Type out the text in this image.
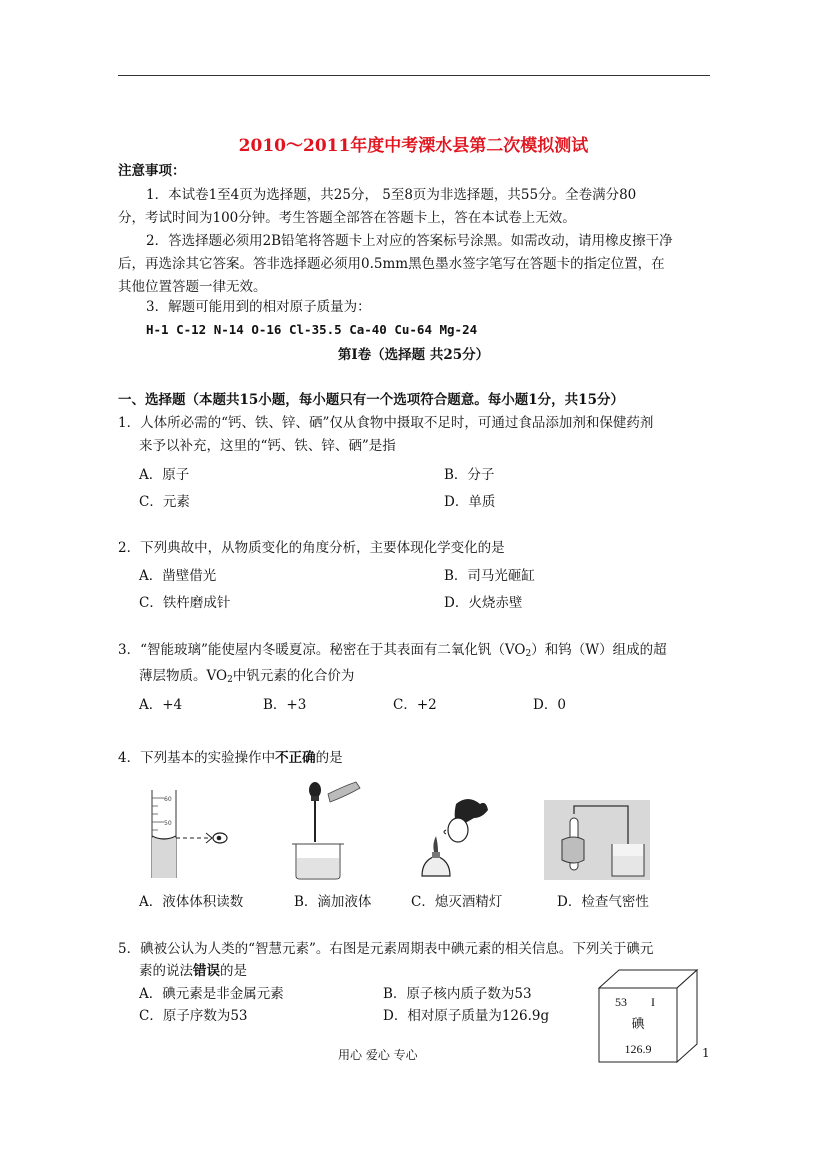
2010～2011年度中考溧水县第二次模拟测试
注意事项：
1．本试卷1至4页为选择题，共25分， 5至8页为非选择题，共55分。全卷满分80
分，考试时间为100分钟。考生答题全部答在答题卡上，答在本试卷上无效。
2．答选择题必须用2B铅笔将答题卡上对应的答案标号涂黑。如需改动，请用橡皮擦干净
后，再选涂其它答案。答非选择题必须用0.5mm黑色墨水签字笔写在答题卡的指定位置，在
其他位置答题一律无效。
3．解题可能用到的相对原子质量为：
H-1 C-12 N-14 O-16 Cl-35.5 Ca-40 Cu-64 Mg-24
第Ⅰ卷（选择题 共25分）
一、选择题（本题共15小题，每小题只有一个选项符合题意。每小题1分，共15分）
1．人体所必需的“钙、铁、锌、硒”仅从食物中摄取不足时，可通过食品添加剂和保健药剂
来予以补充，这里的“钙、铁、锌、硒”是指
A．原子	B．分子
C．元素	D．单质
2．下列典故中，从物质变化的角度分析，主要体现化学变化的是
A．凿壁借光	B．司马光砸缸
C．铁杵磨成针	D．火烧赤壁
3．“智能玻璃”能使屋内冬暖夏凉。秘密在于其表面有二氧化钒$(VO_2)$和钨（W）组成的超
薄层物质。$VO_2$中钒元素的化合价为
A．+4	B．+3	C．+2	D．0
4．下列基本的实验操作中不正确的是
60
50
A．液体体积读数	B．滴加液体	C．熄灭酒精灯	D．检查气密性
5．碘被公认为人类的“智慧元素”。右图是元素周期表中碘元素的相关信息。下列关于碘元
素的说法错误的是
A．碘元素是非金属元素	B．原子核内质子数为53
C．原子序数为53	D．相对原子质量为126.9g
53 I
碘
126.9
用心 爱心 专心	1
